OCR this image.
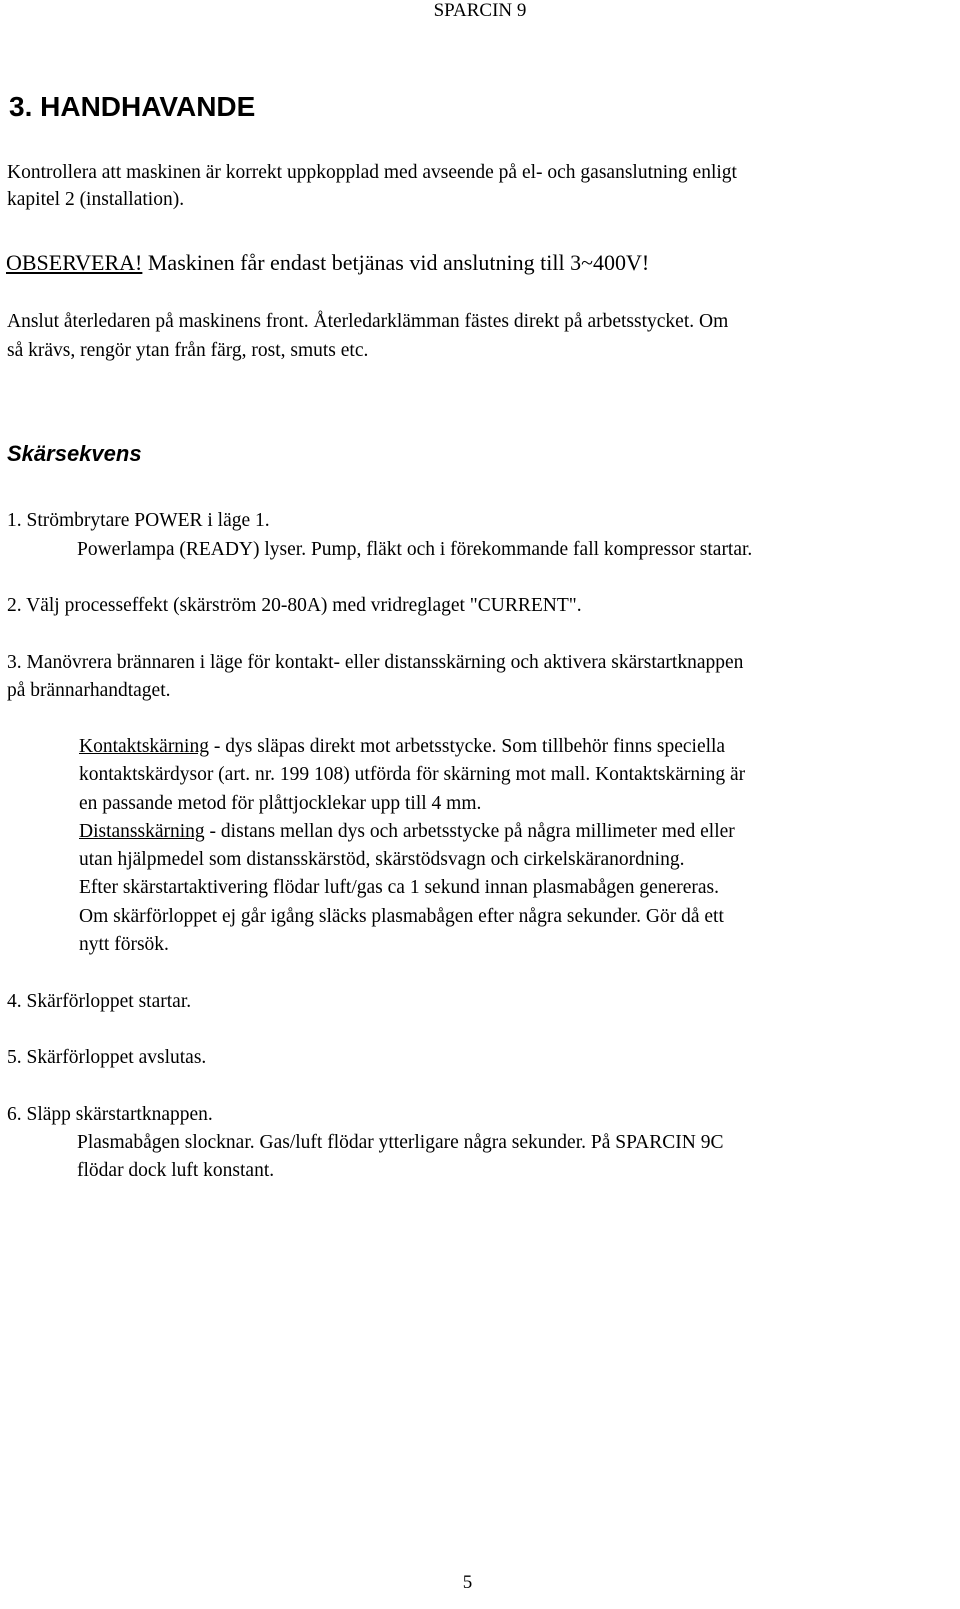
SPARCIN 9
3. HANDHAVANDE
Kontrollera att maskinen är korrekt uppkopplad med avseende på el- och gasanslutning enligt
kapitel 2 (installation).
OBSERVERA! Maskinen får endast betjänas vid anslutning till 3~400V!
Anslut återledaren på maskinens front. Återledarklämman fästes direkt på arbetsstycket. Om
så krävs, rengör ytan från färg, rost, smuts etc.
Skärsekvens
1. Strömbrytare POWER i läge 1.
Powerlampa (READY) lyser. Pump, fläkt och i förekommande fall kompressor startar.
2. Välj processeffekt (skärström 20-80A) med vridreglaget "CURRENT".
3. Manövrera brännaren i läge för kontakt- eller distansskärning och aktivera skärstartknappen
på brännarhandtaget.
Kontaktskärning - dys släpas direkt mot arbetsstycke. Som tillbehör finns speciella
kontaktskärdysor (art. nr. 199 108) utförda för skärning mot mall. Kontaktskärning är
en passande metod för plåttjocklekar upp till 4 mm.
Distansskärning - distans mellan dys och arbetsstycke på några millimeter med eller
utan hjälpmedel som distansskärstöd, skärstödsvagn och cirkelskäranordning.
Efter skärstartaktivering flödar luft/gas ca 1 sekund innan plasmabågen genereras.
Om skärförloppet ej går igång släcks plasmabågen efter några sekunder. Gör då ett
nytt försök.
4. Skärförloppet startar.
5. Skärförloppet avslutas.
6. Släpp skärstartknappen.
Plasmabågen slocknar. Gas/luft flödar ytterligare några sekunder. På SPARCIN 9C
flödar dock luft konstant.
5
